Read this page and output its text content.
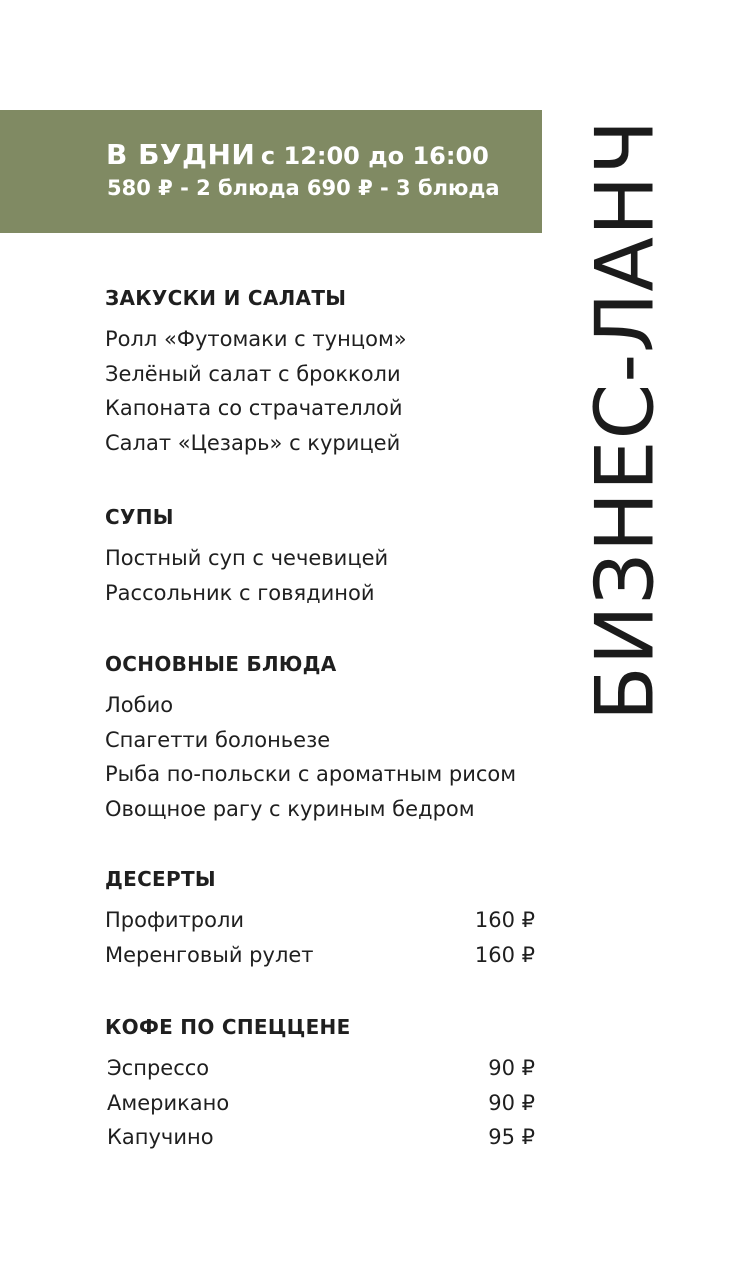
В БУДНИ с 12:00 до 16:00
580 ₽ - 2 блюда 690 ₽ - 3 блюда БИЗНЕС-ЛАНЧ
ЗАКУСКИ И САЛАТЫ
Ролл «Футомаки с тунцом»
Зелёный салат с брокколи
Капоната со страчателлой
Салат «Цезарь» с курицей
СУПЫ
Постный суп с чечевицей
Рассольник с говядиной
ОСНОВНЫЕ БЛЮДА
Лобио
Спагетти болоньезе
Рыба по-польски с ароматным рисом
Овощное рагу с куриным бедром
ДЕСЕРТЫ
Профитроли	160 ₽
Меренговый рулет	160 ₽
КОФЕ ПО СПЕЦЦЕНЕ
Эспрессо	90 ₽
Американо	90 ₽
Капучино	95 ₽
